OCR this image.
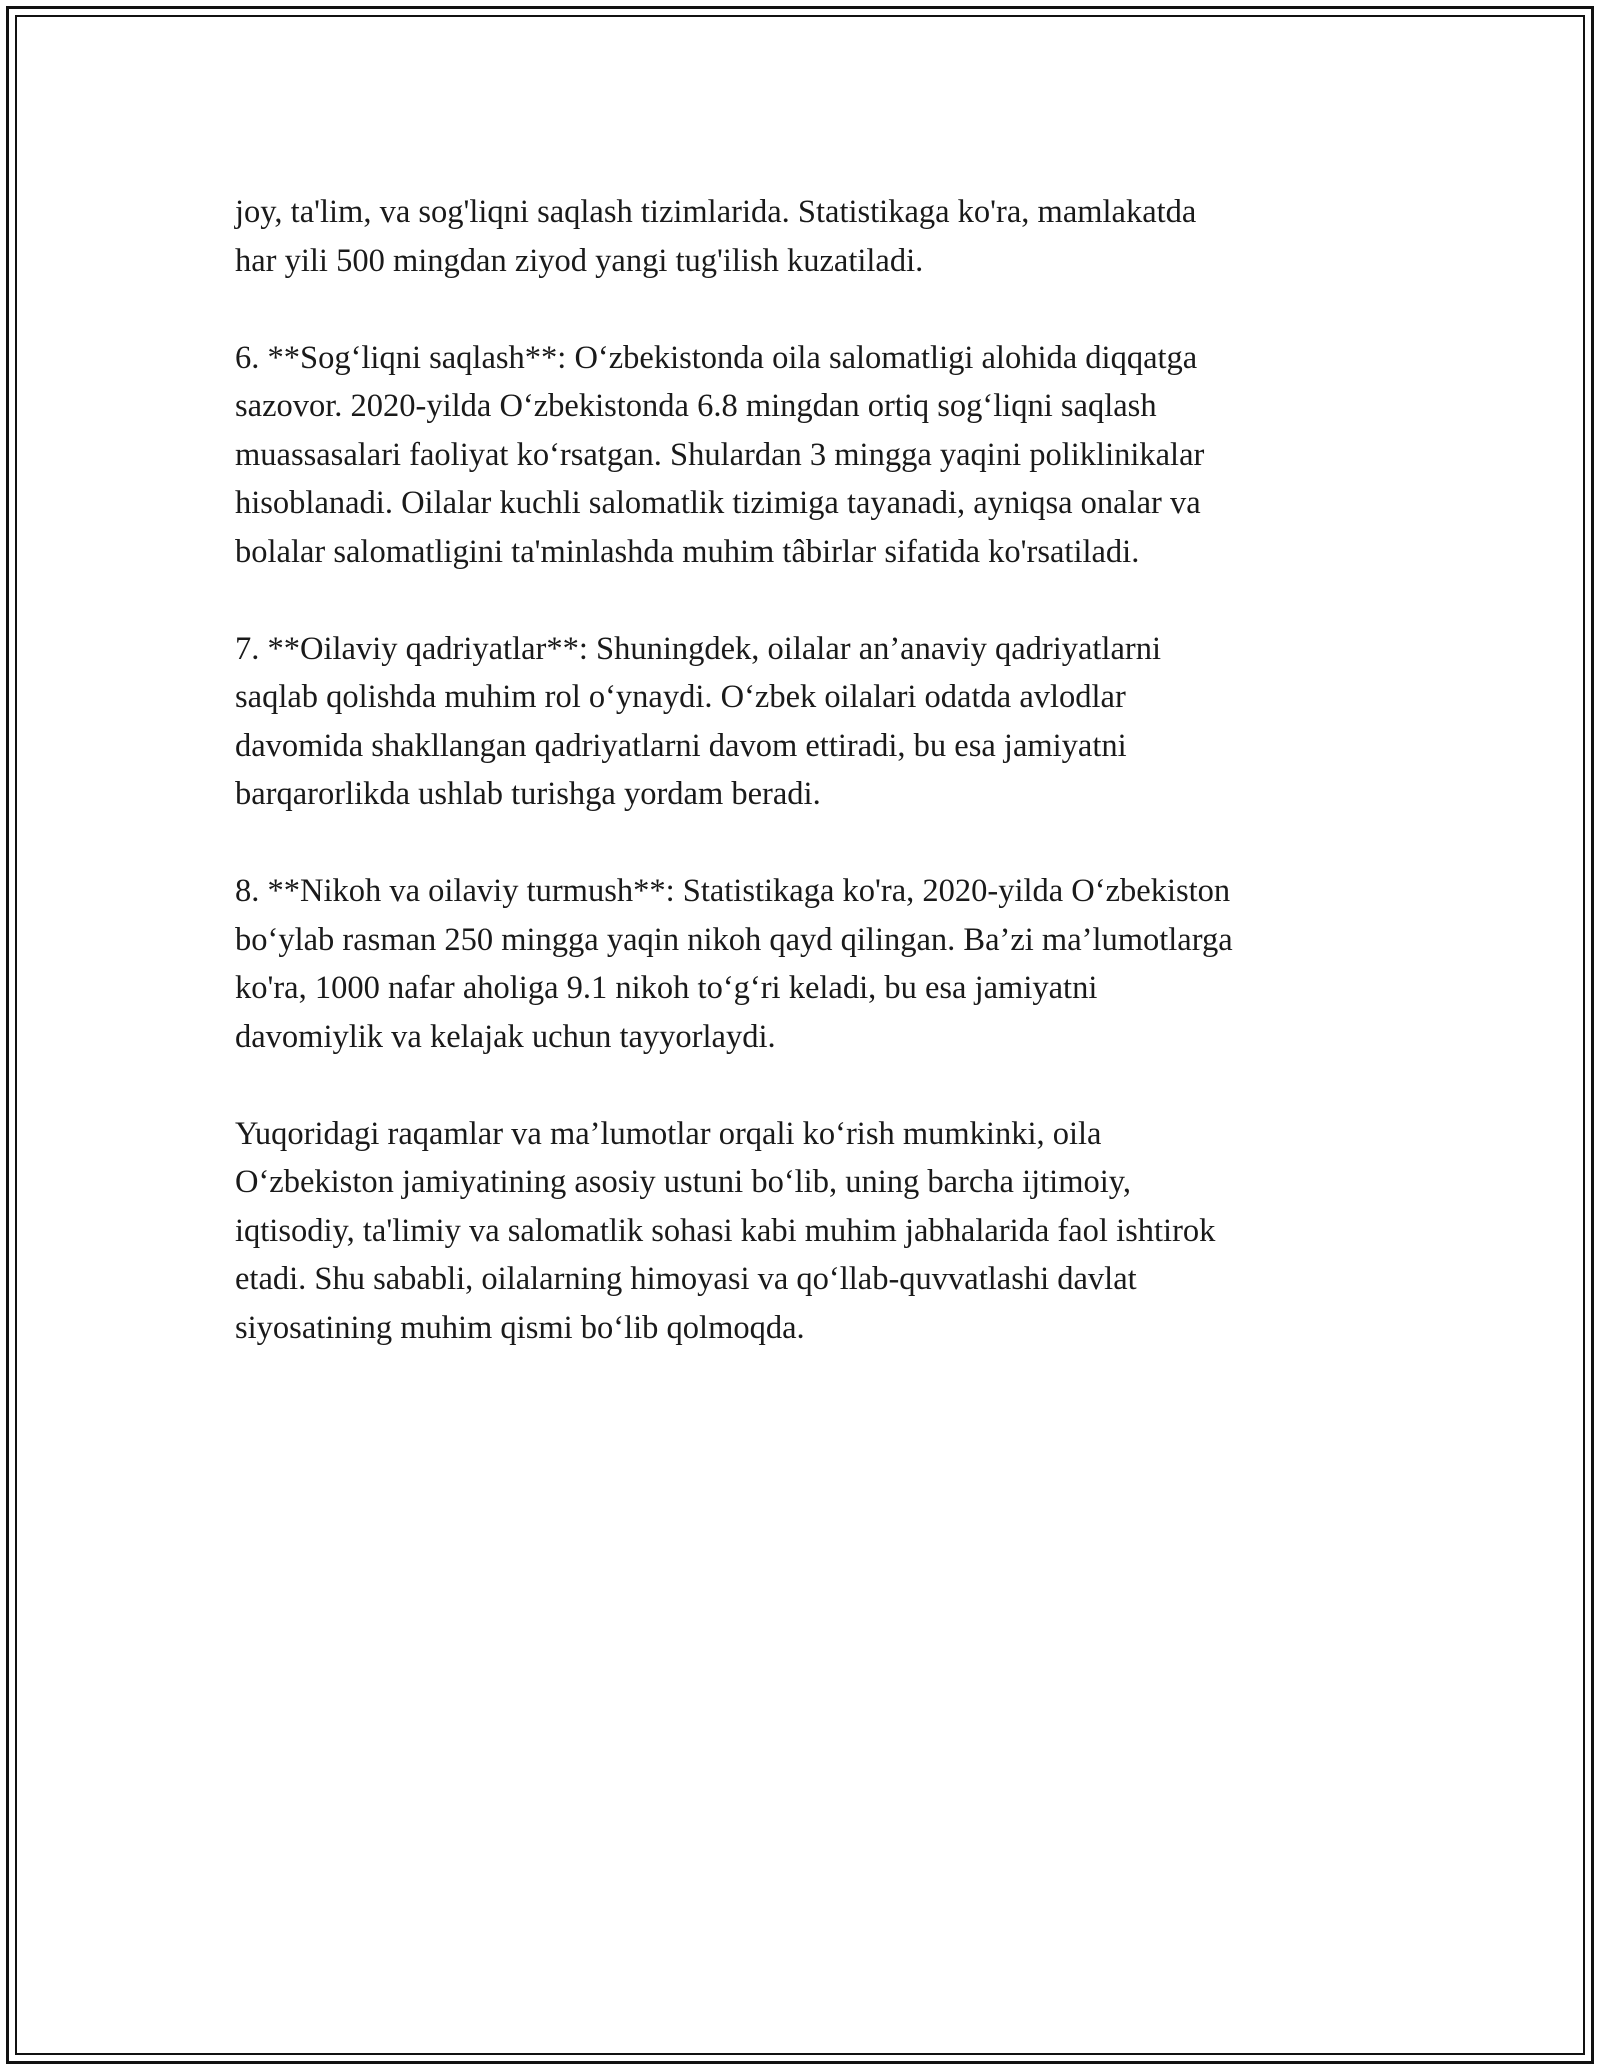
joy, ta'lim, va sog'liqni saqlash tizimlarida. Statistikaga ko'ra, mamlakatda
har yili 500 mingdan ziyod yangi tug'ilish kuzatiladi.
6. **Sog‘liqni saqlash**: O‘zbekistonda oila salomatligi alohida diqqatga
sazovor. 2020-yilda O‘zbekistonda 6.8 mingdan ortiq sog‘liqni saqlash
muassasalari faoliyat ko‘rsatgan. Shulardan 3 mingga yaqini poliklinikalar
hisoblanadi. Oilalar kuchli salomatlik tizimiga tayanadi, ayniqsa onalar va
bolalar salomatligini ta'minlashda muhim tâbirlar sifatida ko'rsatiladi.
7. **Oilaviy qadriyatlar**: Shuningdek, oilalar an’anaviy qadriyatlarni
saqlab qolishda muhim rol o‘ynaydi. O‘zbek oilalari odatda avlodlar
davomida shakllangan qadriyatlarni davom ettiradi, bu esa jamiyatni
barqarorlikda ushlab turishga yordam beradi.
8. **Nikoh va oilaviy turmush**: Statistikaga ko'ra, 2020-yilda O‘zbekiston
bo‘ylab rasman 250 mingga yaqin nikoh qayd qilingan. Ba’zi ma’lumotlarga
ko'ra, 1000 nafar aholiga 9.1 nikoh to‘g‘ri keladi, bu esa jamiyatni
davomiylik va kelajak uchun tayyorlaydi.
Yuqoridagi raqamlar va ma’lumotlar orqali ko‘rish mumkinki, oila
O‘zbekiston jamiyatining asosiy ustuni bo‘lib, uning barcha ijtimoiy,
iqtisodiy, ta'limiy va salomatlik sohasi kabi muhim jabhalarida faol ishtirok
etadi. Shu sababli, oilalarning himoyasi va qo‘llab-quvvatlashi davlat
siyosatining muhim qismi bo‘lib qolmoqda.
